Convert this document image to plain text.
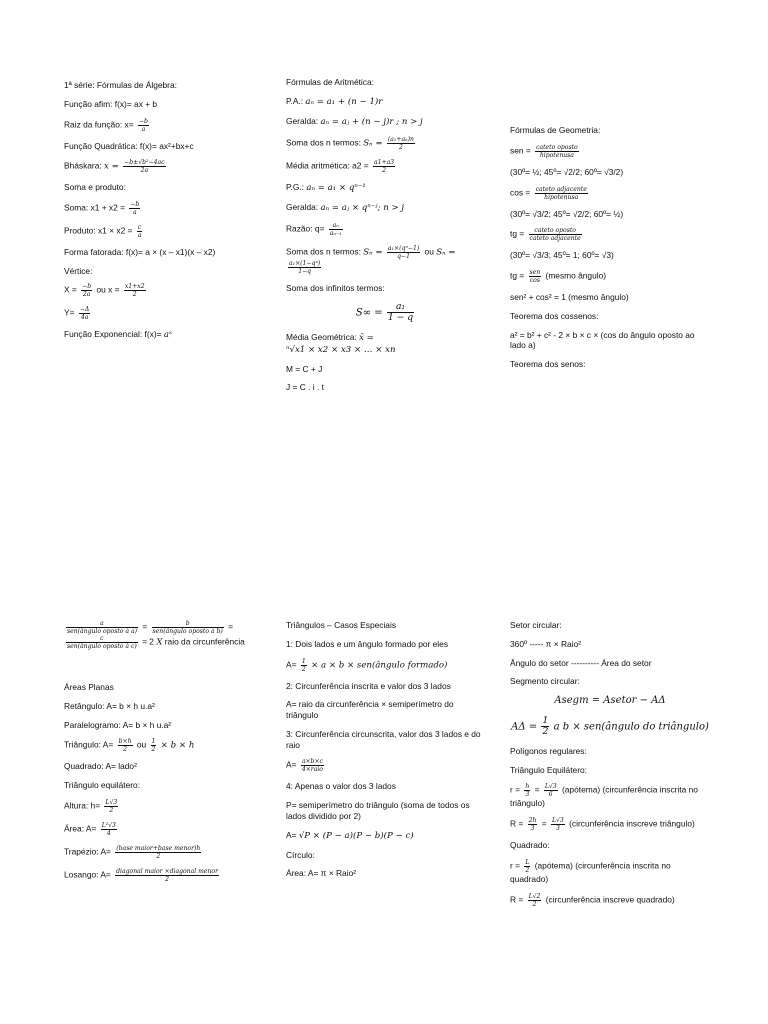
1ª série: Fórmulas de Álgebra:

Função afim: f(x)= ax + b

Raiz da função: $x= \frac{-b}{a}$

Função Quadrática: f(x)= ax²+bx+c

Bháskara: $x = \frac{\text{−b±√b²−4ac}}{2a}$

Soma e produto:

Soma: $x1 + x2 = \frac{-b}{a}$

Produto: $x1 \times x2 = \frac{c}{a}$

Forma fatorada: f(x)= a × (x – x1)(x – x2)

Vértice:

$X = \frac{-b}{2a}$ ou $x = \frac{x1+x2}{2}$

$Y= \frac{-\Delta}{4a}$

Função Exponencial: f(x)= aˣ

Fórmulas de Aritmética:

P.A.: aₙ = a₁ + (n − 1)r

Geralda: aₙ = aⱼ + (n − j)r ; n > j

Soma dos n termos: $S_n = \frac{\text{(a₁+aₙ)n}}{2}$

Média aritmética: $a2 = \frac{a1+a3}{2}$

P.G.: aₙ = a₁ × qⁿ⁻¹

Geralda: aₙ = aⱼ × qⁿ⁻ʲ; n > j

Razão: $q= \frac{\text{aₙ}}{\text{aₙ₋₁}}$

Soma dos n termos: $S_n = \frac{\text{a₁×(qⁿ−1)}}{q-1}$ ou Sₙ =

$\frac{\text{a₁×(1−qⁿ)}}{1-q}$

Soma dos infinitos termos:

$S\infty = \frac{\text{a₁}}{1 - q}$

Média Geométrica: x̄ =
ⁿ√x1 × x2 × x3 × … × xn

M = C + J

J = C . i . t

Fórmulas de Geometria:

sen = $\frac{\text{cateto oposto}}{\text{hipotenusa}}$

(30º= ½; 45º= √2/2; 60º= √3/2)

$\cos = \frac{\text{cateto adjacente}}{\text{hipotenusa}}$

(30º= √3/2; 45º= √2/2; 60º= ½)

tg = $\frac{\text{cateto oposto}}{\text{cateto adjacente}}$

(30º= √3/3; 45º= 1; 60º= √3)

tg = $\frac{\text{sen}}{\cos}$ (mesmo ângulo)

sen² + cos² = 1 (mesmo ângulo)

Teorema dos cossenos:

a² = b² + c² - 2 × b × c × (cos do ângulo oposto ao lado a)

Teorema dos senos:

$\frac{a}{\text{sen(ângulo oposto à a)}} = \frac{b}{\text{sen(ângulo oposto à b)}}$ =

$\frac{c}{\text{sen(ângulo oposto à c)}} = 2$ X raio da circunferência

Áreas Planas

Retângulo: A= b × h u.a²

Paralelogramo: A= b × h u.a²

Triângulo: $A= \frac{b\times h}{2}$ ou $\frac{1}{2} \times b \times h$

Quadrado: A= lado²

Triângulo equilátero:

Altura: $h= \frac{L√3}{2}$

Área: $A= \frac{\text{L²√3}}{4}$

Trapézio: $A= \frac{\text{(base maior+base menor)h}}{2}$

Losango: $A= \frac{\text{diagonal maior ×diagonal menor}}{2}$

Triângulos – Casos Especiais

1: Dois lados e um ângulo formado por eles

$A= \frac{1}{2} \times a \times b$ × sen(ângulo formado)

2: Circunferência inscrita e valor dos 3 lados

A= raio da circunferência × semiperímetro do triângulo

3: Circunferência circunscrita, valor dos 3 lados e do raio

$A= \frac{a\times b\times c}{\text{4×raio}}$

4: Apenas o valor dos 3 lados

P= semiperímetro do triângulo (soma de todos os lados dividido por 2)

A= √P × (P − a)(P − b)(P − c)

Círculo:

Área: A= π × Raio²

Setor circular:

360º ----- π × Raio²

Ângulo do setor ---------- Área do setor

Segmento circular:

Asegm = Asetor − AΔ

$A\Delta = \frac{1}{2}$ a b × sen(ângulo do triângulo)

Polígonos regulares:

Triângulo Equilátero:

$r = \frac{h}{3} = \frac{L√3}{6}$ (apótema) (circunferência inscrita no triângulo)

$R = \frac{2h}{3} = \frac{L√3}{3}$ (circunferência inscreve triângulo)

Quadrado:

$r = \frac{L}{2}$ (apótema) (circunferência inscrita no quadrado)

$R = \frac{L√2}{2}$ (circunferência inscreve quadrado)
